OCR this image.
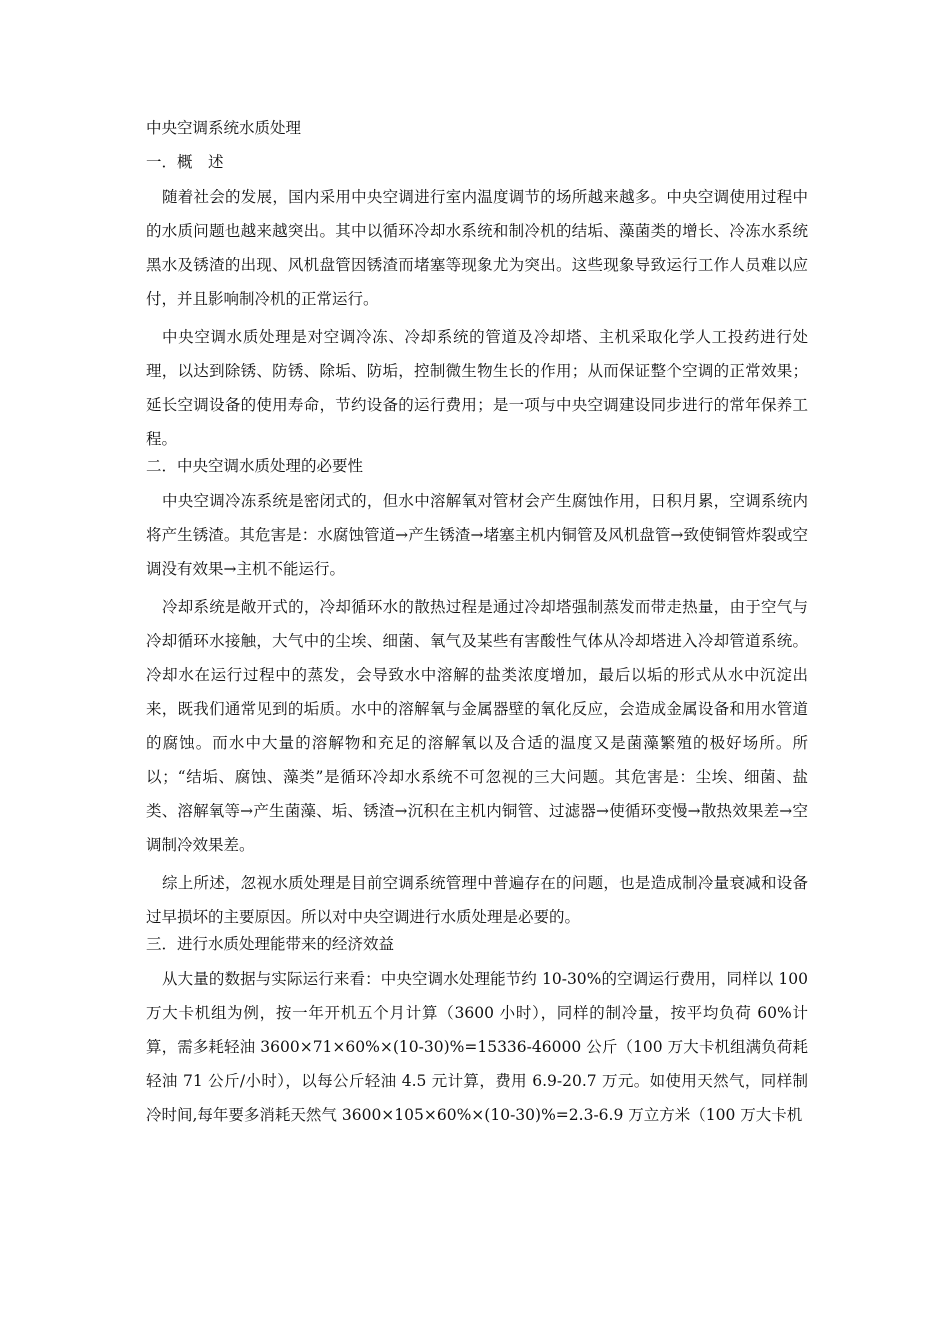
中央空调系统水质处理

一．概　述

随着社会的发展，国内采用中央空调进行室内温度调节的场所越来越多。中央空调使用过程中的水质问题也越来越突出。其中以循环冷却水系统和制冷机的结垢、藻菌类的增长、冷冻水系统黑水及锈渣的出现、风机盘管因锈渣而堵塞等现象尤为突出。这些现象导致运行工作人员难以应付，并且影响制冷机的正常运行。

中央空调水质处理是对空调冷冻、冷却系统的管道及冷却塔、主机采取化学人工投药进行处理，以达到除锈、防锈、除垢、防垢，控制微生物生长的作用；从而保证整个空调的正常效果；延长空调设备的使用寿命，节约设备的运行费用；是一项与中央空调建设同步进行的常年保养工程。

二．中央空调水质处理的必要性

中央空调冷冻系统是密闭式的，但水中溶解氧对管材会产生腐蚀作用，日积月累，空调系统内将产生锈渣。其危害是：水腐蚀管道→产生锈渣→堵塞主机内铜管及风机盘管→致使铜管炸裂或空调没有效果→主机不能运行。

冷却系统是敞开式的，冷却循环水的散热过程是通过冷却塔强制蒸发而带走热量，由于空气与冷却循环水接触，大气中的尘埃、细菌、氧气及某些有害酸性气体从冷却塔进入冷却管道系统。冷却水在运行过程中的蒸发，会导致水中溶解的盐类浓度增加，最后以垢的形式从水中沉淀出来，既我们通常见到的垢质。水中的溶解氧与金属器壁的氧化反应，会造成金属设备和用水管道的腐蚀。而水中大量的溶解物和充足的溶解氧以及合适的温度又是菌藻繁殖的极好场所。所以；“结垢、腐蚀、藻类”是循环冷却水系统不可忽视的三大问题。其危害是：尘埃、细菌、盐类、溶解氧等→产生菌藻、垢、锈渣→沉积在主机内铜管、过滤器→使循环变慢→散热效果差→空调制冷效果差。

综上所述，忽视水质处理是目前空调系统管理中普遍存在的问题，也是造成制冷量衰减和设备过早损坏的主要原因。所以对中央空调进行水质处理是必要的。

三．进行水质处理能带来的经济效益

从大量的数据与实际运行来看：中央空调水处理能节约 10-30%的空调运行费用，同样以 100 万大卡机组为例，按一年开机五个月计算（3600 小时），同样的制冷量，按平均负荷 60%计算，需多耗轻油 3600×71×60%×(10-30)%=15336-46000 公斤（100 万大卡机组满负荷耗轻油 71 公斤/小时），以每公斤轻油 4.5 元计算，费用 6.9-20.7 万元。如使用天然气，同样制冷时间,每年要多消耗天然气 3600×105×60%×(10-30)%=2.3-6.9 万立方米（100 万大卡机
